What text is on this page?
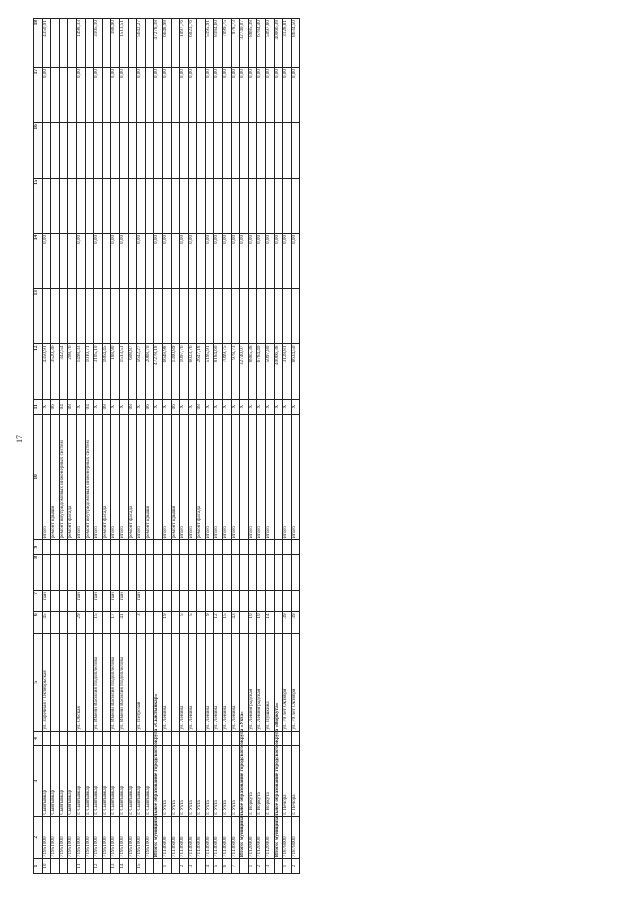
17
1	2	3	4	5	6	7	8	9	10	11	12	13	14	15	16	17	18
10	71951000	Сывтывкар		ул. Заречная / Октябрьская	45	пан			итого	Х	4350,91		0,00			0,00	4350,91
	71951000	Сывтывкар							ремонт крыши	06	3520,36						
	71951000	Сывтывкар							ремонт внутридомовых инженерных систем	04	342,54						
	71951000	Сывтывкар							ремонт фасада	08	208,76						
11	71951000	г. Сывтывкар		ул. Обская	29	пан			итого	Х	1498,33		0,00			0,00	1498,33
	71951000	г. Сывтывкар							ремонт внутридомовых инженерных систем	04	1010,71						
12	71951000	г. Сывтывкар		ул. Имени Василия Подоплелова	15	пан			итого	Х	3105,10		0,00			0,00	3105,10
	71951000	г. Сывтывкар							ремонт фасада	08	1864,45						
13	71951000	г. Сывтывкар		ул. Имени Василия Подоплелова	17	пан			итого	Х	188,90		0,00			0,00	188,90
14	71951000	г. Сывтывкар		ул. Имени Василия Подоплелова	41	пан			итого	Х	1513,51		0,00			0,00	1513,51
	71951000	г. Сывтывкар							ремонт фасада	08	608,87						
15	71951000	г. Сывтывкар		ул. Петрозав	3	пан			итого	Х	5642,27		0,00			0,00	5642,27
	71951000	г. Сывтывкар							ремонт крыши	06	2088,70						
	Итого: муниципальное образование городского округа «Сыктывкар»									Х	47278,18		0,00			0,00	47278,18
1	71136000	г. Ухта		ул. Ленина	19				итого	Х	6648,98		0,00			0,00	6648,98
	71136000	г. Ухта							ремонт крыши	06	1300,89						
2	71136000	г. Ухта		ул. Ленина	5				итого	Х	1097,76		0,00			0,00	1097,76
3	71136000	г. Ухта		ул. Ленина	5				итого	Х	6023,76		0,00			0,00	6023,76
	71136000	г. Ухта							ремонт фасада	08	2647,18						
4	71136000	г. Ухта		ул. Ленина	9				итого	Х	5195,91		0,00			0,00	5195,91
5	71136000	г. Ухта		ул. Ленина	12				итого	Х	8184,60		0,00			0,00	8184,60
6	71136000	г. Ухта		ул. Ленина	15				итого	Х	7099,75		0,00			0,00	7099,75
7	71136000	г. Ухта		ул. Ленина	43				итого	Х	978,73		0,00			0,00	978,73
	Итого: муниципальное образование городского округа «Ухта»									Х	32740,07		0,00			0,00	32740,07
1	71120000	г. Воркута		ул. Ленинградская	10				итого	Х	8885,38		0,00			0,00	8885,38
2	71120000	г. Воркута		ул. Ленинградская	10				итого	Х	6784,40		0,00			0,00	6784,40
3	71120000	г. Воркута		ул. Пушкина	14				итого	Х	5097,80		0,00			0,00	5097,80
	Итого: муниципальное образование городского округа «Воркута»									Х	40066,38		0,00			0,00	40066,38
1	71878000	г. Печора		ул. 70 лет Октября	39				итого	Х	3128,81		0,00			0,00	3128,81
2	71878000	г. Печора		ул. 70 лет Октября	39				итого	Х	8634,50		0,00			0,00	8634,50
